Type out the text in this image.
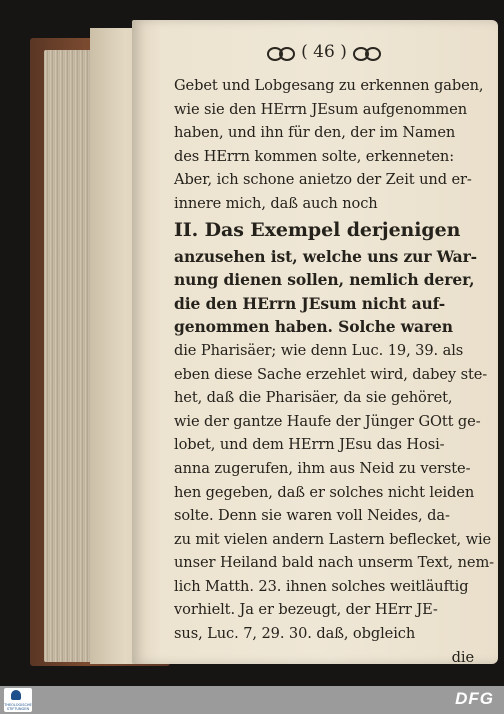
( 46 )
Gebet und Lobgesang zu erkennen gaben,
wie sie den HErrn JEsum aufgenommen
haben, und ihn für den, der im Namen
des HErrn kommen solte, erkenneten:
Aber, ich schone anietzo der Zeit und er-
innere mich, daß auch noch
II. Das Exempel derjenigen
anzusehen ist, welche uns zur War-
nung dienen sollen, nemlich derer,
die den HErrn JEsum nicht auf-
genommen haben. Solche waren
die Pharisäer; wie denn Luc. 19, 39. als
eben diese Sache erzehlet wird, dabey ste-
het, daß die Pharisäer, da sie gehöret,
wie der gantze Haufe der Jünger GOtt ge-
lobet, und dem HErrn JEsu das Hosi-
anna zugerufen, ihm aus Neid zu verste-
hen gegeben, daß er solches nicht leiden
solte. Denn sie waren voll Neides, da-
zu mit vielen andern Lastern beflecket, wie
unser Heiland bald nach unserm Text, nem-
lich Matth. 23. ihnen solches weitläuftig
vorhielt. Ja er bezeugt, der HErr JE-
sus, Luc. 7, 29. 30. daß, obgleich
die
THEOLOGISCHE STIFTUNGEN
DFG
